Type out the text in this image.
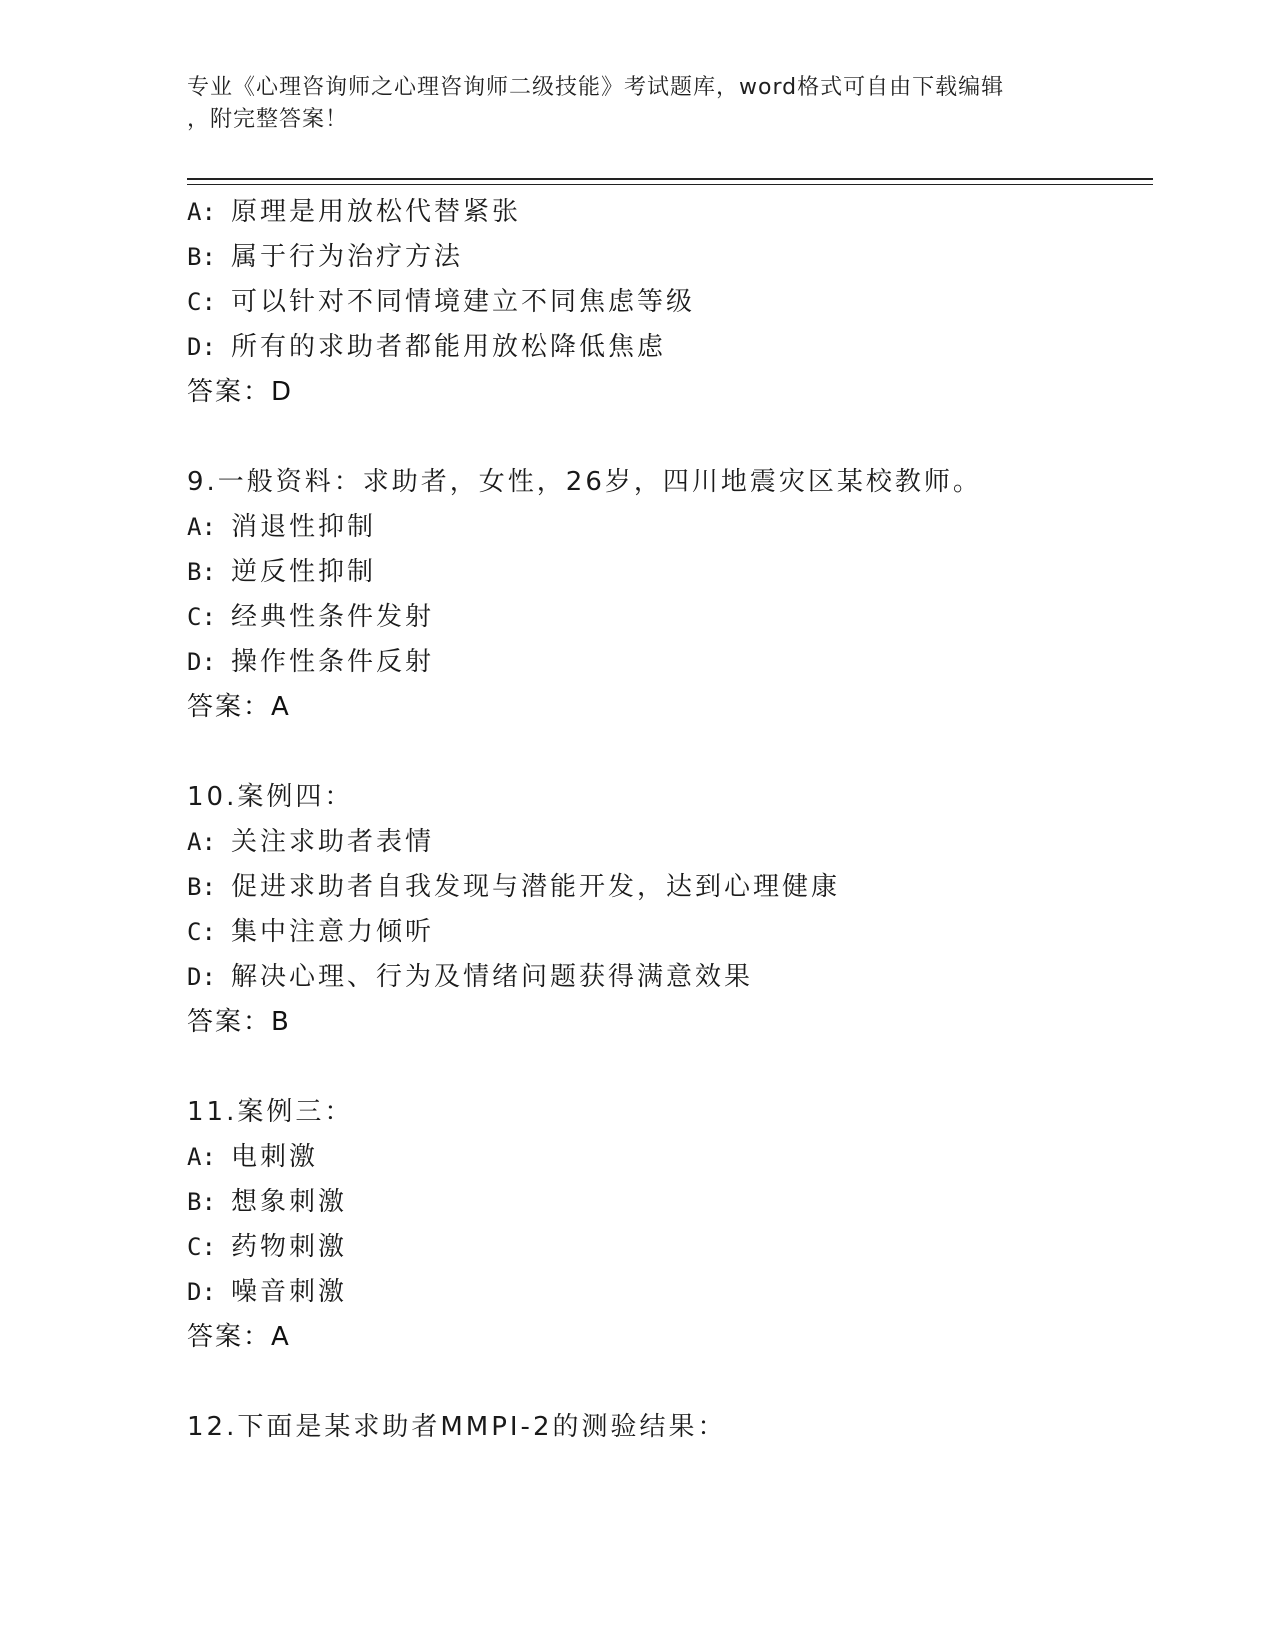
专业《心理咨询师之心理咨询师二级技能》考试题库，word格式可自由下载编辑
，附完整答案！
A: 原理是用放松代替紧张
B: 属于行为治疗方法
C: 可以针对不同情境建立不同焦虑等级
D: 所有的求助者都能用放松降低焦虑
答案：D
9.一般资料：求助者，女性，26岁，四川地震灾区某校教师。
A: 消退性抑制
B: 逆反性抑制
C: 经典性条件发射
D: 操作性条件反射
答案：A
10.案例四：
A: 关注求助者表情
B: 促进求助者自我发现与潜能开发，达到心理健康
C: 集中注意力倾听
D: 解决心理、行为及情绪问题获得满意效果
答案：B
11.案例三：
A: 电刺激
B: 想象刺激
C: 药物刺激
D: 噪音刺激
答案：A
12.下面是某求助者MMPI-2的测验结果：
